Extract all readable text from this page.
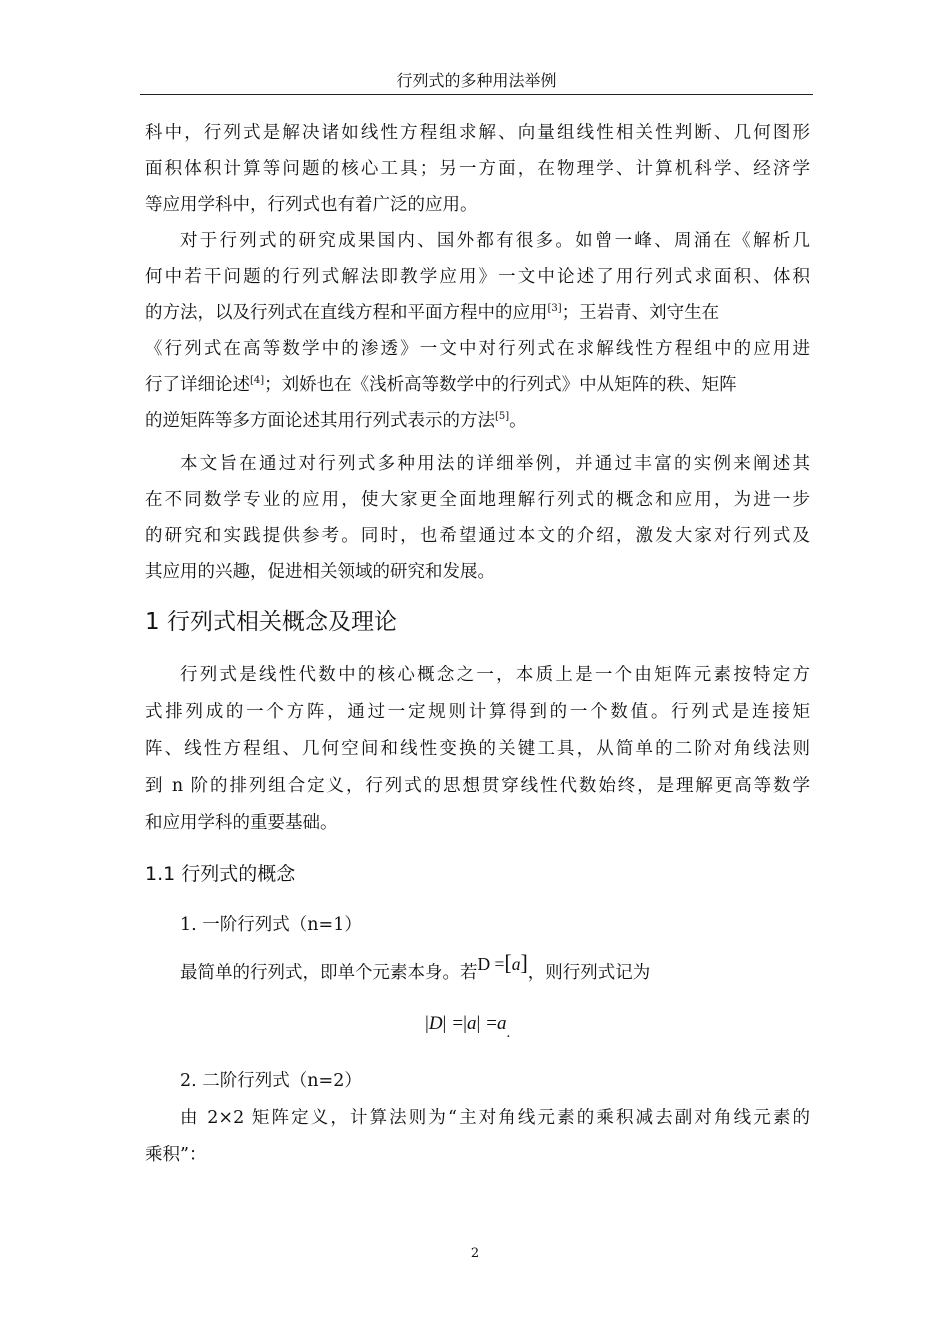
行列式的多种用法举例
科中，行列式是解决诸如线性方程组求解、向量组线性相关性判断、几何图形
面积体积计算等问题的核心工具；另一方面，在物理学、计算机科学、经济学
等应用学科中，行列式也有着广泛的应用。
对于行列式的研究成果国内、国外都有很多。如曾一峰、周涌在《解析几
何中若干问题的行列式解法即教学应用》一文中论述了用行列式求面积、体积
的方法，以及行列式在直线方程和平面方程中的应用[3]；王岩青、刘守生在
《行列式在高等数学中的渗透》一文中对行列式在求解线性方程组中的应用进
行了详细论述[4]；刘娇也在《浅析高等数学中的行列式》中从矩阵的秩、矩阵
的逆矩阵等多方面论述其用行列式表示的方法[5]。
本文旨在通过对行列式多种用法的详细举例，并通过丰富的实例来阐述其
在不同数学专业的应用，使大家更全面地理解行列式的概念和应用，为进一步
的研究和实践提供参考。同时，也希望通过本文的介绍，激发大家对行列式及
其应用的兴趣，促进相关领域的研究和发展。
1 行列式相关概念及理论
行列式是线性代数中的核心概念之一，本质上是一个由矩阵元素按特定方
式排列成的一个方阵，通过一定规则计算得到的一个数值。行列式是连接矩
阵、线性方程组、几何空间和线性变换的关键工具，从简单的二阶对角线法则
到 n 阶的排列组合定义，行列式的思想贯穿线性代数始终，是理解更高等数学
和应用学科的重要基础。
1.1 行列式的概念
1. 一阶行列式（n=1）
最简单的行列式，即单个元素本身。若D =[a]，则行列式记为
$|D| =|a| =a_.$
2. 二阶行列式（n=2）
由 2×2 矩阵定义，计算法则为“主对角线元素的乘积减去副对角线元素的
乘积”：
2
